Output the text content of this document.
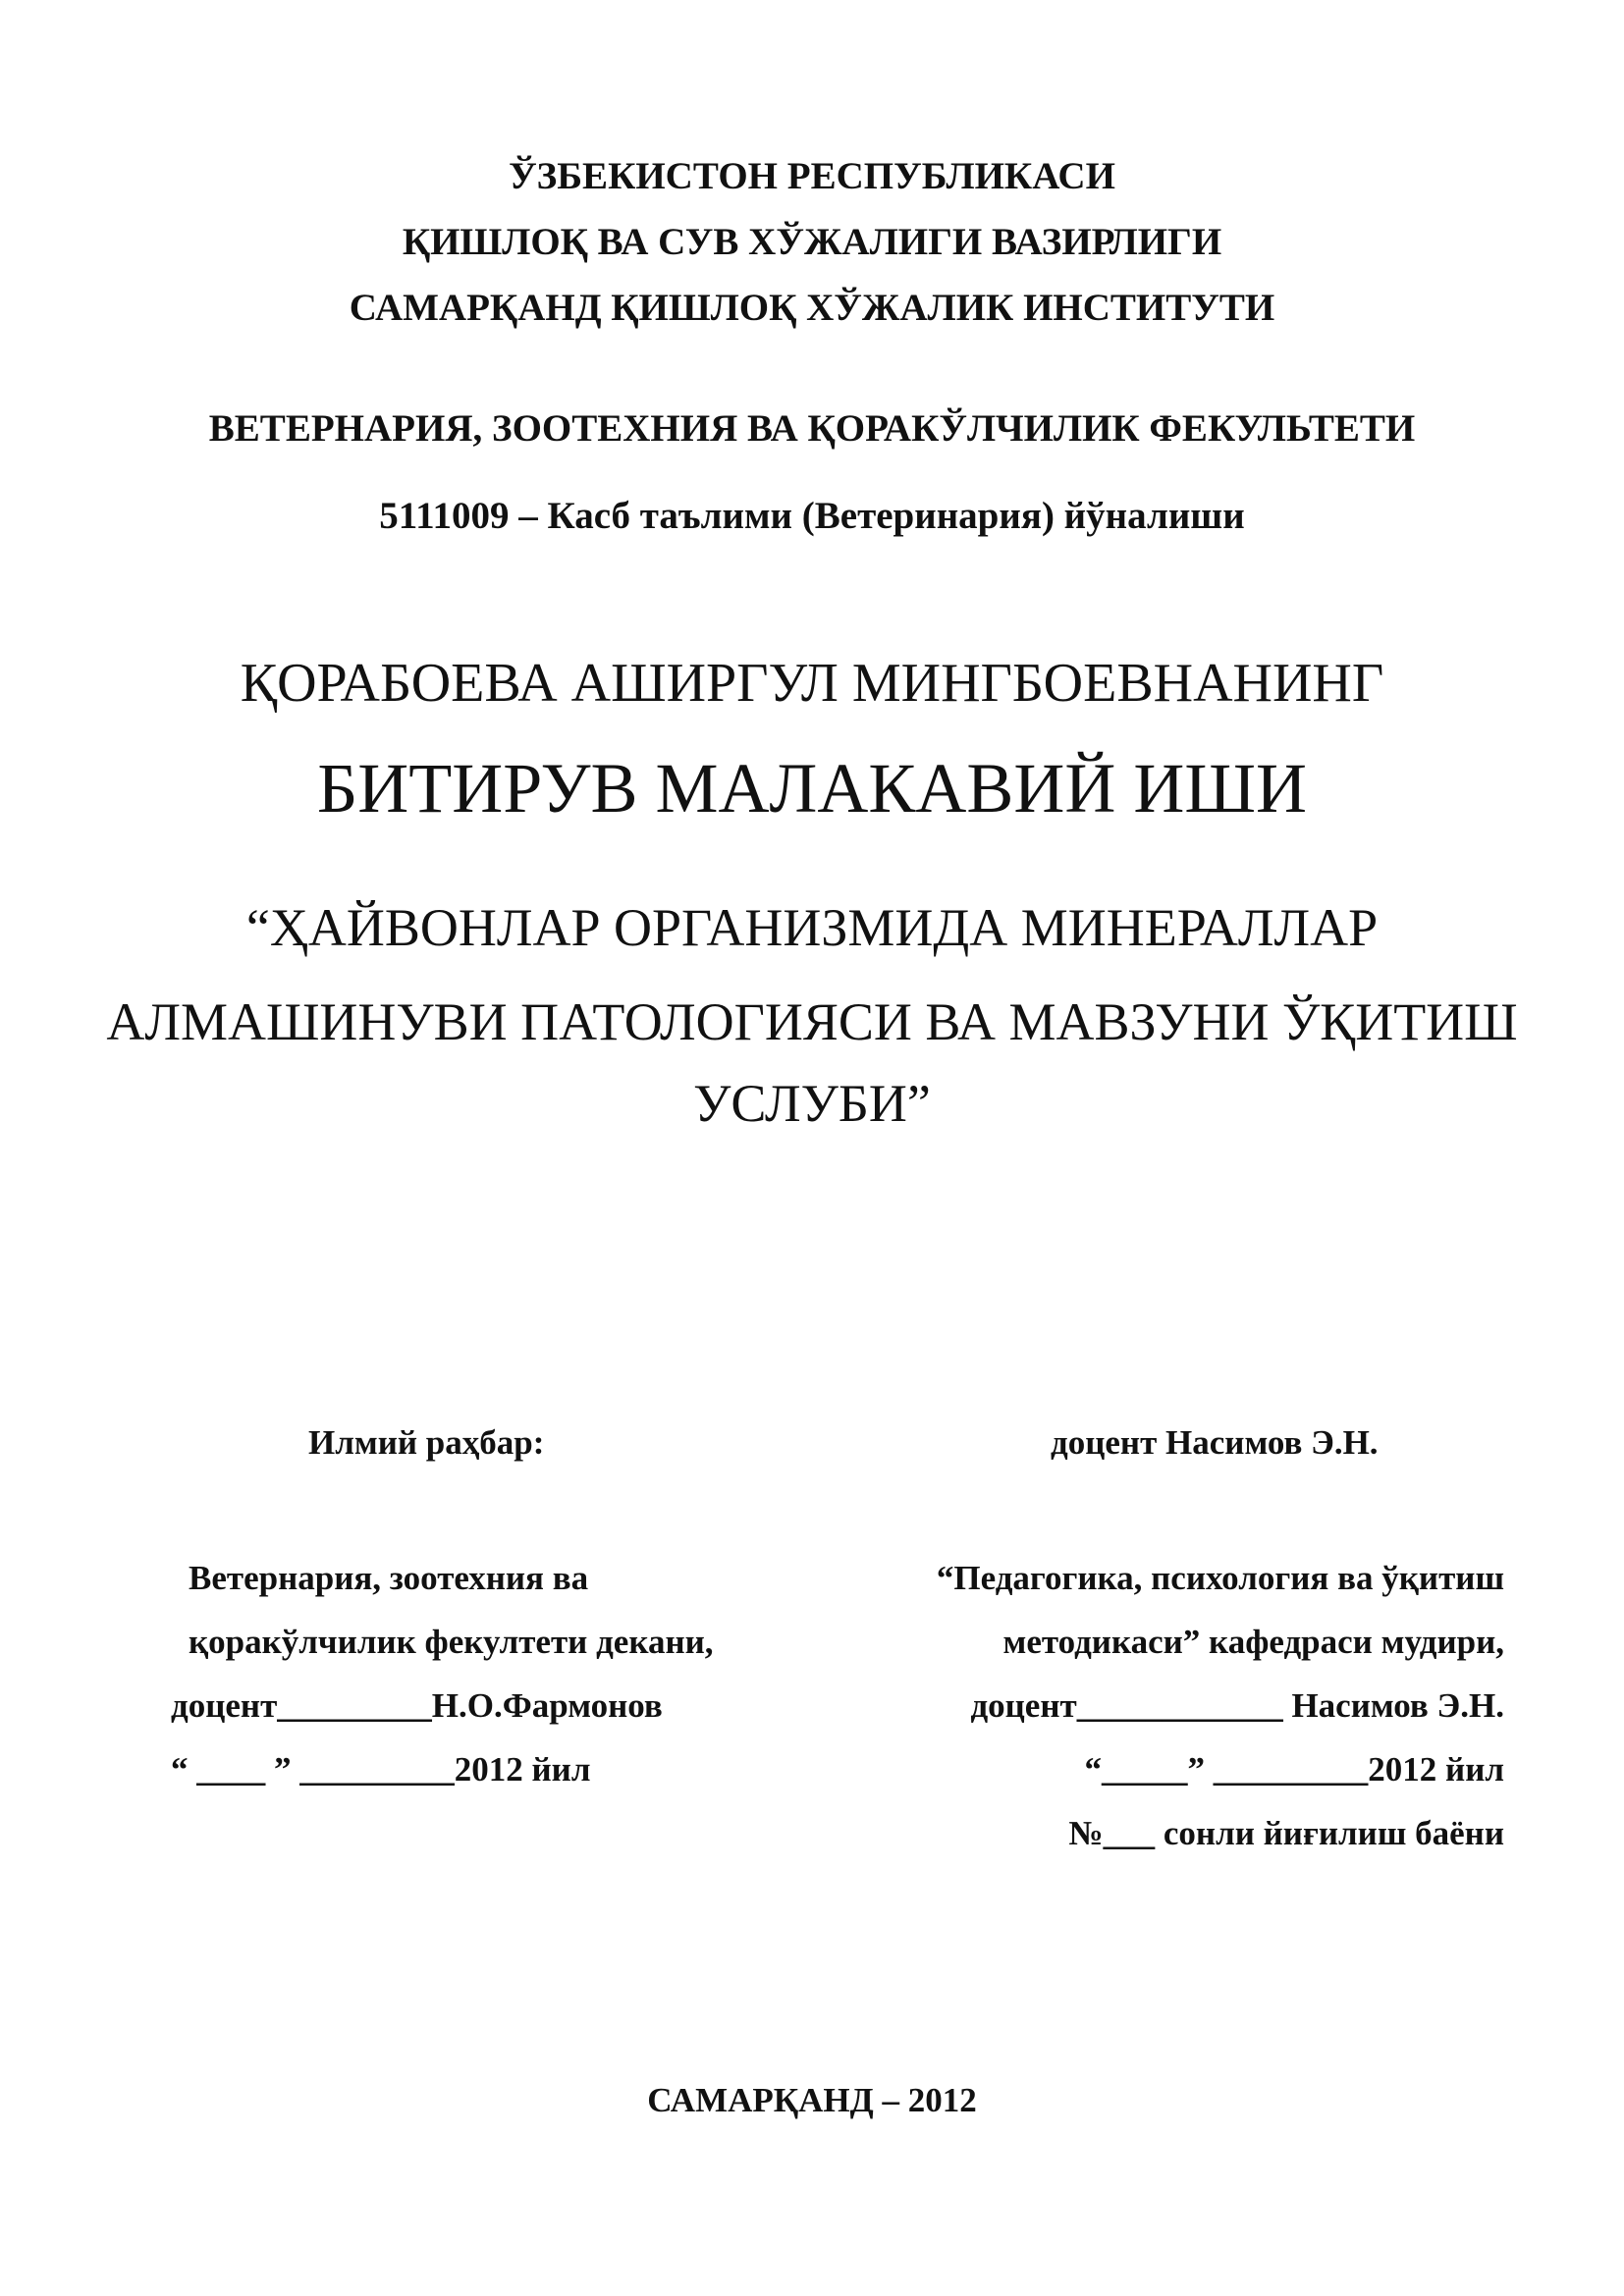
ЎЗБЕКИСТОН РЕСПУБЛИКАСИ
ҚИШЛОҚ ВА СУВ ХЎЖАЛИГИ ВАЗИРЛИГИ
САМАРҚАНД ҚИШЛОҚ ХЎЖАЛИК ИНСТИТУТИ
ВЕТЕРНАРИЯ, ЗООТЕХНИЯ ВА ҚОРАКЎЛЧИЛИК ФЕКУЛЬТЕТИ
5111009 – Касб таълими (Ветеринария) йўналиши
ҚОРАБОЕВА АШИРГУЛ МИНГБОЕВНАНИНГ
БИТИРУВ МАЛАКАВИЙ ИШИ
“ҲАЙВОНЛАР ОРГАНИЗМИДА МИНЕРАЛЛАР
АЛМАШИНУВИ ПАТОЛОГИЯСИ ВА МАВЗУНИ ЎҚИТИШ
УСЛУБИ”
Илмий раҳбар:	доцент Насимов Э.Н.
Ветернария, зоотехния ва
қоракўлчилик фекултети декани,
доцент_________Н.О.Фармонов
“ ____ ” _________2012 йил
“Педагогика, психология ва ўқитиш
методикаси” кафедраси мудири,
доцент____________ Насимов Э.Н.
“_____” _________2012 йил
№___ сонли йиғилиш баёни
САМАРҚАНД – 2012
